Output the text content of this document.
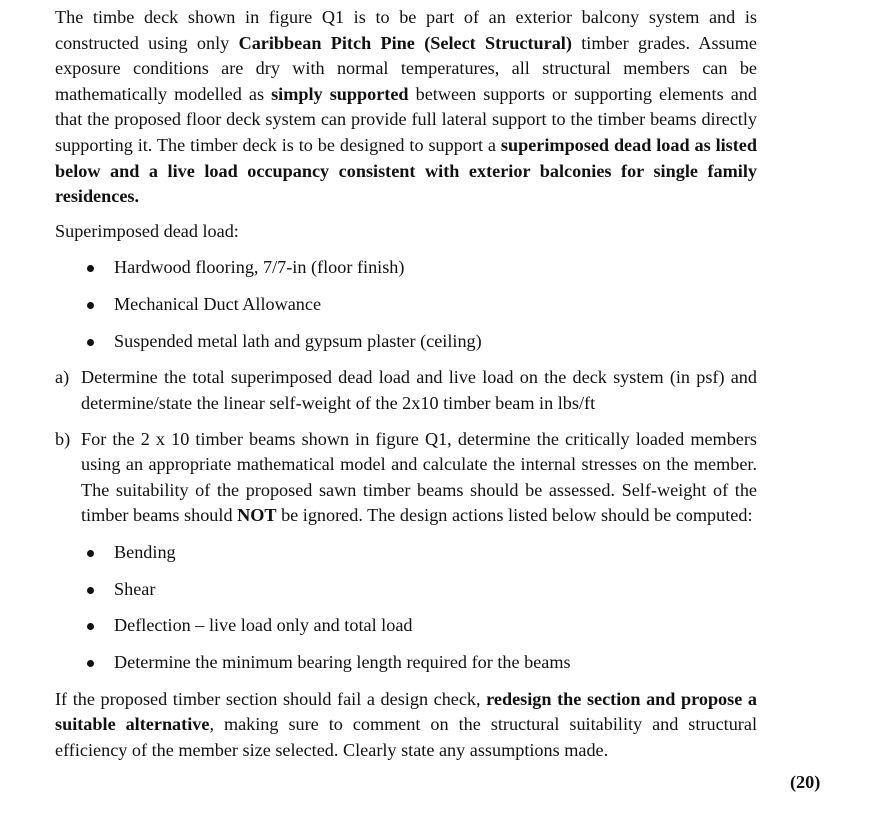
The timbe deck shown in figure Q1 is to be part of an exterior balcony system and is constructed using only Caribbean Pitch Pine (Select Structural) timber grades. Assume exposure conditions are dry with normal temperatures, all structural members can be mathematically modelled as simply supported between supports or supporting elements and that the proposed floor deck system can provide full lateral support to the timber beams directly supporting it. The timber deck is to be designed to support a superimposed dead load as listed below and a live load occupancy consistent with exterior balconies for single family residences.

Superimposed dead load:

Hardwood flooring, 7/7-in (floor finish)
Mechanical Duct Allowance
Suspended metal lath and gypsum plaster (ceiling)
a) Determine the total superimposed dead load and live load on the deck system (in psf) and determine/state the linear self-weight of the 2x10 timber beam in lbs/ft
b) For the 2 x 10 timber beams shown in figure Q1, determine the critically loaded members using an appropriate mathematical model and calculate the internal stresses on the member. The suitability of the proposed sawn timber beams should be assessed. Self-weight of the timber beams should NOT be ignored. The design actions listed below should be computed:
Bending
Shear
Deflection – live load only and total load
Determine the minimum bearing length required for the beams

If the proposed timber section should fail a design check, redesign the section and propose a suitable alternative, making sure to comment on the structural suitability and structural efficiency of the member size selected. Clearly state any assumptions made.

(20)
